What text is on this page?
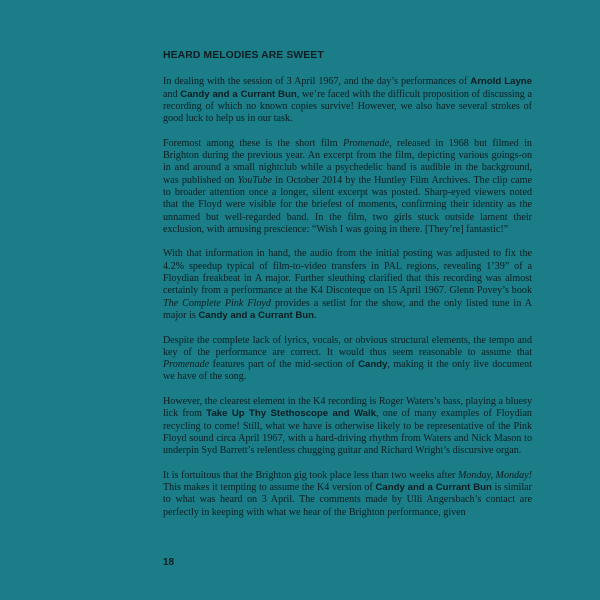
HEARD MELODIES ARE SWEET

In dealing with the session of 3 April 1967, and the day’s performances of Arnold Layne and Candy and a Currant Bun, we’re faced with the difficult proposition of discussing a recording of which no known copies survive! However, we also have several strokes of good luck to help us in our task.

Foremost among these is the short film Promenade, released in 1968 but filmed in Brighton during the previous year. An excerpt from the film, depicting various goings-on in and around a small nightclub while a psychedelic band is audible in the background, was published on YouTube in October 2014 by the Huntley Film Archives. The clip came to broader attention once a longer, silent excerpt was posted. Sharp-eyed viewers noted that the Floyd were visible for the briefest of moments, confirming their identity as the unnamed but well-regarded band. In the film, two girls stuck outside lament their exclusion, with amusing prescience: “Wish I was going in there. [They’re] fantastic!”

With that information in hand, the audio from the initial posting was adjusted to fix the 4.2% speedup typical of film-to-video transfers in PAL regions, revealing 1’39” of a Floydian freakbeat in A major. Further sleuthing clarified that this recording was almost certainly from a performance at the K4 Discoteque on 15 April 1967. Glenn Povey’s book The Complete Pink Floyd provides a setlist for the show, and the only listed tune in A major is Candy and a Currant Bun.

Despite the complete lack of lyrics, vocals, or obvious structural elements, the tempo and key of the performance are correct. It would thus seem reasonable to assume that Promenade features part of the mid-section of Candy, making it the only live document we have of the song.

However, the clearest element in the K4 recording is Roger Waters’s bass, playing a bluesy lick from Take Up Thy Stethoscope and Walk, one of many examples of Floydian recycling to come! Still, what we have is otherwise likely to be representative of the Pink Floyd sound circa April 1967, with a hard-driving rhythm from Waters and Nick Mason to underpin Syd Barrett’s relentless chugging guitar and Richard Wright’s discursive organ.

It is fortuitous that the Brighton gig took place less than two weeks after Monday, Monday! This makes it tempting to assume the K4 version of Candy and a Currant Bun is similar to what was heard on 3 April. The comments made by Ulli Angersbach’s contact are perfectly in keeping with what we hear of the Brighton performance, given

18
